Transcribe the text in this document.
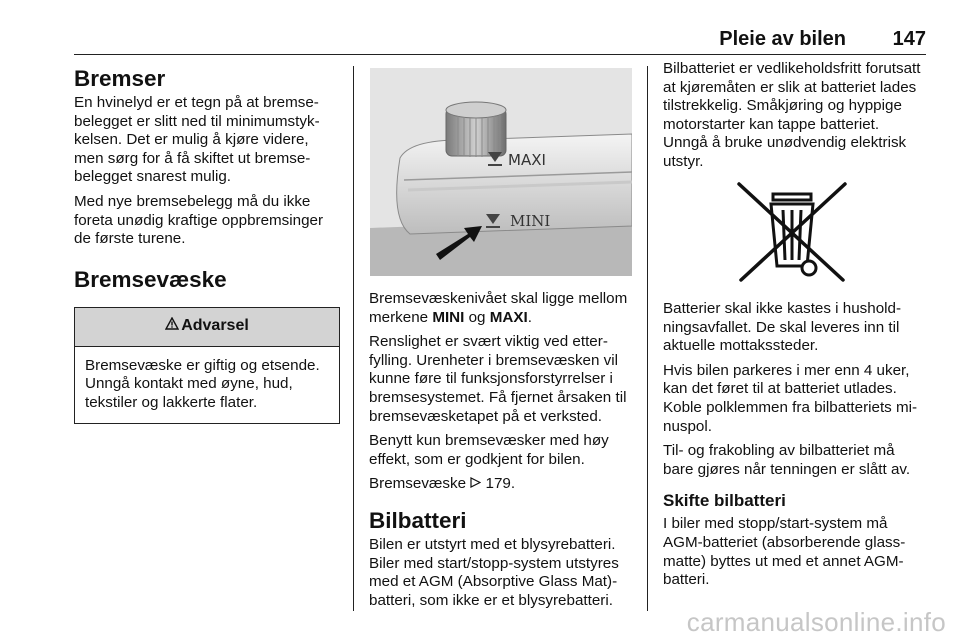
Pleie av bilen 147
Bremser

En hvinelyd er et tegn på at bremsebelegget er slitt ned til minimumstykkelsen. Det er mulig å kjøre videre, men sørg for å få skiftet ut bremsebelegget snarest mulig.

Med nye bremsebelegg må du ikke foreta unødig kraftige oppbremsinger de første turene.

Bremsevæske
Advarsel
Bremsevæske er giftig og etsende. Unngå kontakt med øyne, hud, tekstiler og lakkerte flater.
MAXI
MINI

Bremsevæskenivået skal ligge mellom merkene MINI og MAXI.

Renslighet er svært viktig ved etterfylling. Urenheter i bremsevæsken vil kunne føre til funksjonsforstyrrelser i bremsesystemet. Få fjernet årsaken til bremsevæsketapet på et verksted.

Benytt kun bremsevæsker med høy effekt, som er godkjent for bilen.

Bremsevæske  179.

Bilbatteri

Bilen er utstyrt med et blysyrebatteri. Biler med start/stopp-system utstyres med et AGM (Absorptive Glass Mat)-batteri, som ikke er et blysyrebatteri.

Bilbatteriet er vedlikeholdsfritt forutsatt at kjøremåten er slik at batteriet lades tilstrekkelig. Småkjøring og hyppige motorstarter kan tappe batteriet. Unngå å bruke unødvendig elektrisk utstyr.

Batterier skal ikke kastes i husholdningsavfallet. De skal leveres inn til aktuelle mottakssteder.

Hvis bilen parkeres i mer enn 4 uker, kan det føret til at batteriet utlades. Koble polklemmen fra bilbatteriets minuspol.

Til- og frakobling av bilbatteriet må bare gjøres når tenningen er slått av.

Skifte bilbatteri

I biler med stopp/start-system må AGM-batteriet (absorberende glassmatte) byttes ut med et annet AGM-batteri.

carmanualsonline.info
